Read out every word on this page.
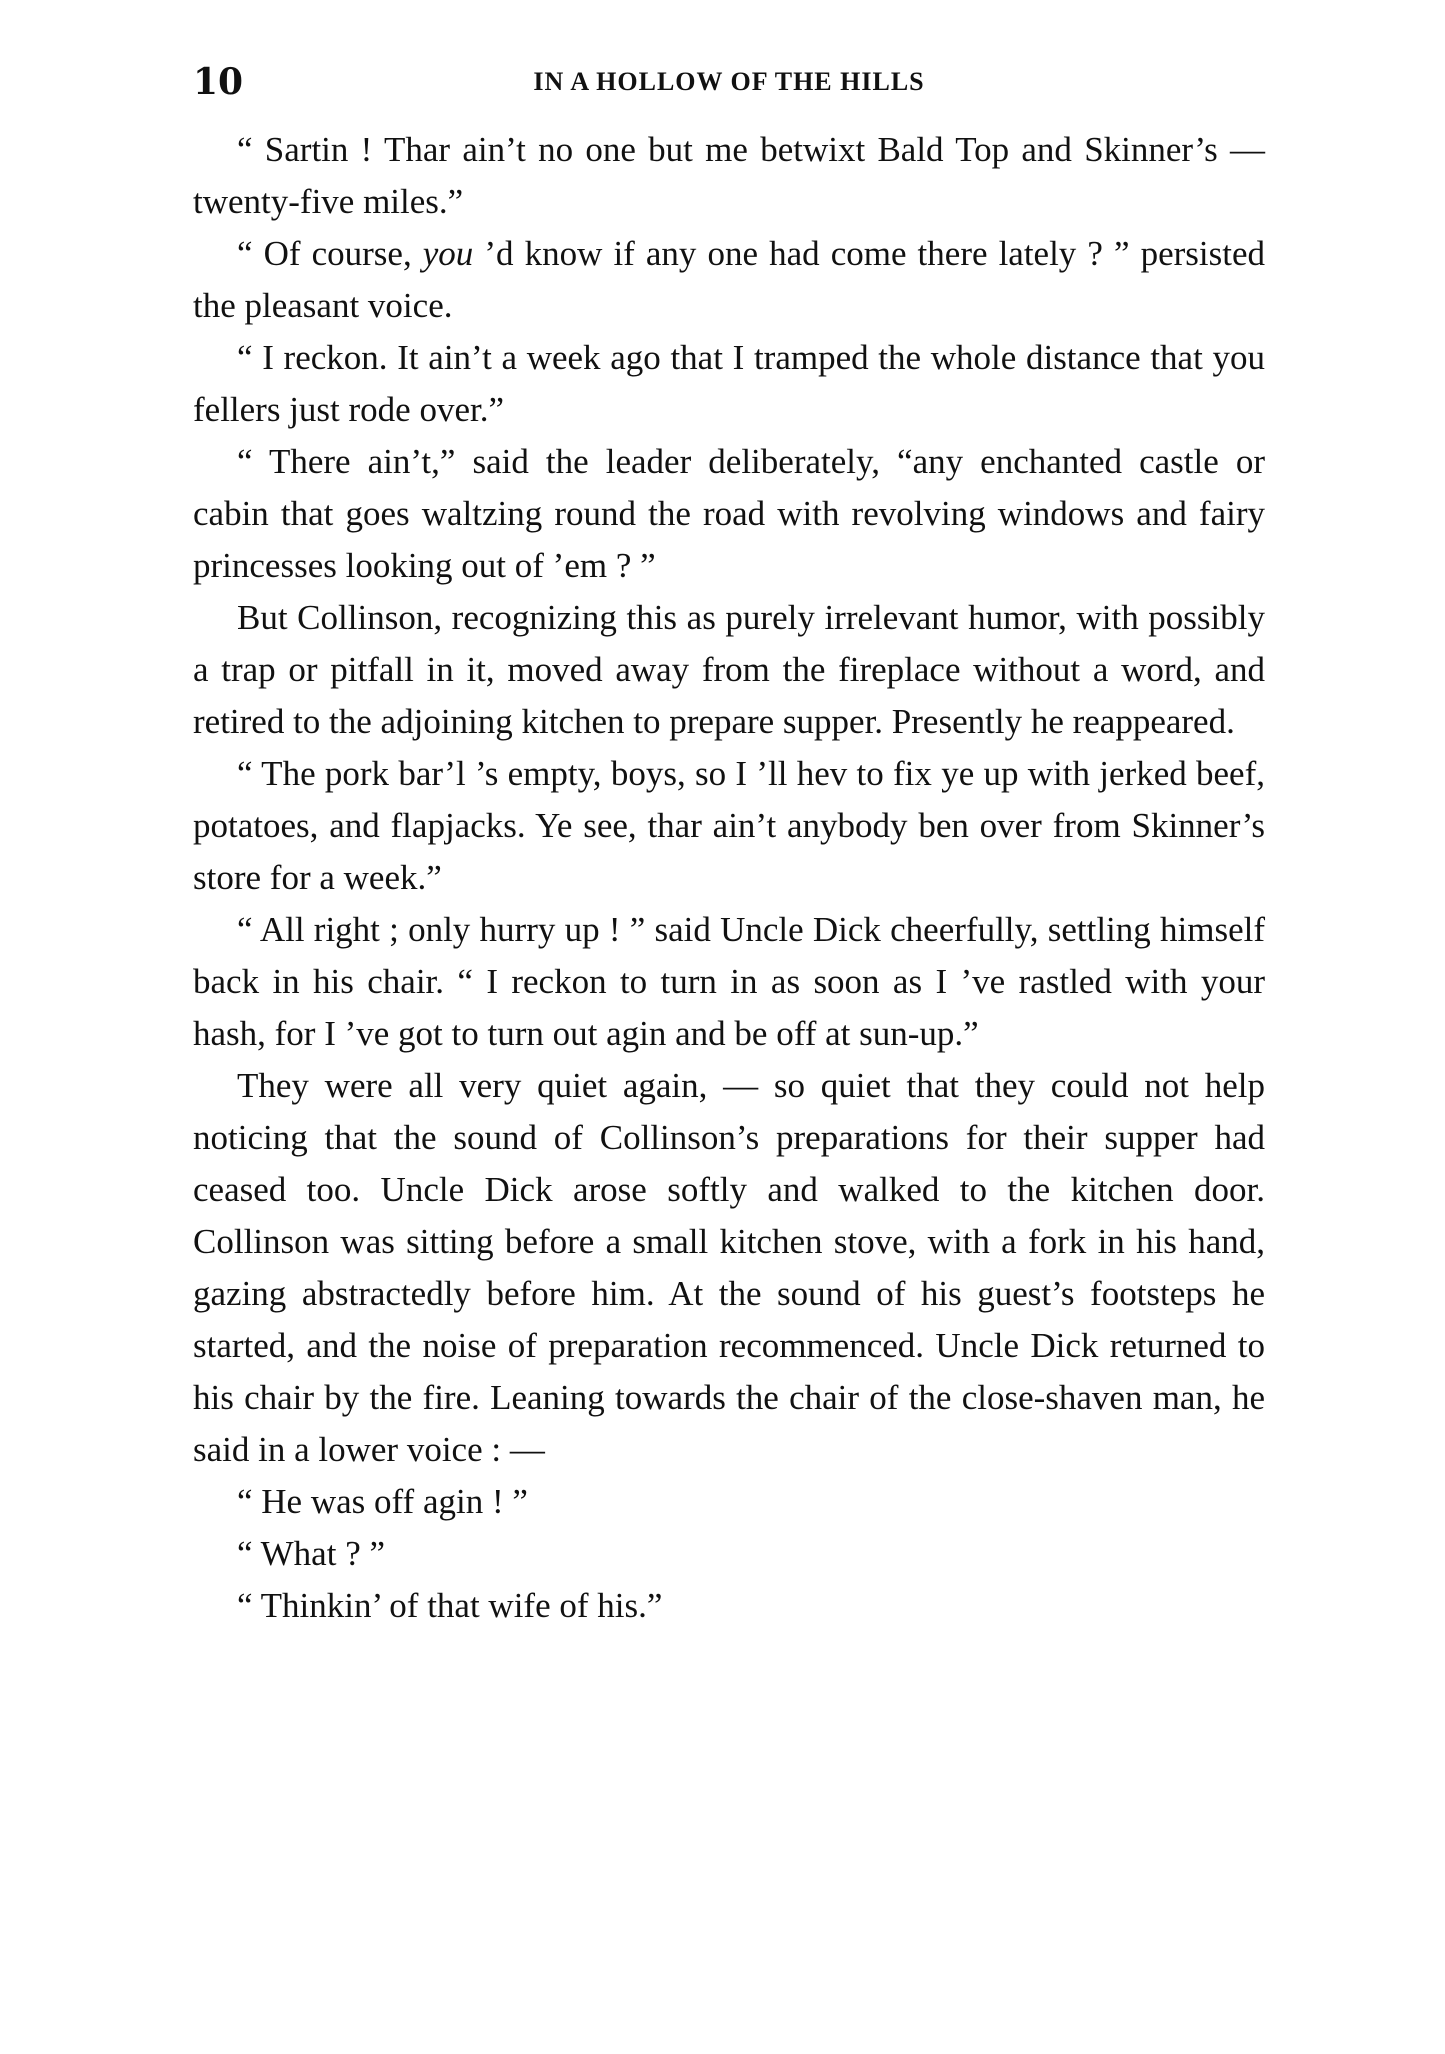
10	IN A HOLLOW OF THE HILLS

“ Sartin ! Thar ain’t no one but me betwixt Bald Top and Skinner’s — twenty-five miles.”

“ Of course, you ’d know if any one had come there lately ? ” persisted the pleasant voice.

“ I reckon. It ain’t a week ago that I tramped the whole distance that you fellers just rode over.”

“ There ain’t,” said the leader deliberately, “any enchanted castle or cabin that goes waltzing round the road with revolving windows and fairy princesses looking out of ’em ? ”

But Collinson, recognizing this as purely irrelevant humor, with possibly a trap or pitfall in it, moved away from the fireplace without a word, and retired to the adjoining kitchen to prepare supper. Presently he reappeared.

“ The pork bar’l ’s empty, boys, so I ’ll hev to fix ye up with jerked beef, potatoes, and flapjacks. Ye see, thar ain’t anybody ben over from Skinner’s store for a week.”

“ All right ; only hurry up ! ” said Uncle Dick cheerfully, settling himself back in his chair. “ I reckon to turn in as soon as I ’ve rastled with your hash, for I ’ve got to turn out agin and be off at sun-up.”

They were all very quiet again, — so quiet that they could not help noticing that the sound of Collinson’s preparations for their supper had ceased too. Uncle Dick arose softly and walked to the kitchen door. Collinson was sitting before a small kitchen stove, with a fork in his hand, gazing abstractedly before him. At the sound of his guest’s footsteps he started, and the noise of preparation recommenced. Uncle Dick returned to his chair by the fire. Leaning towards the chair of the close-shaven man, he said in a lower voice : —

“ He was off agin ! ”

“ What ? ”

“ Thinkin’ of that wife of his.”
